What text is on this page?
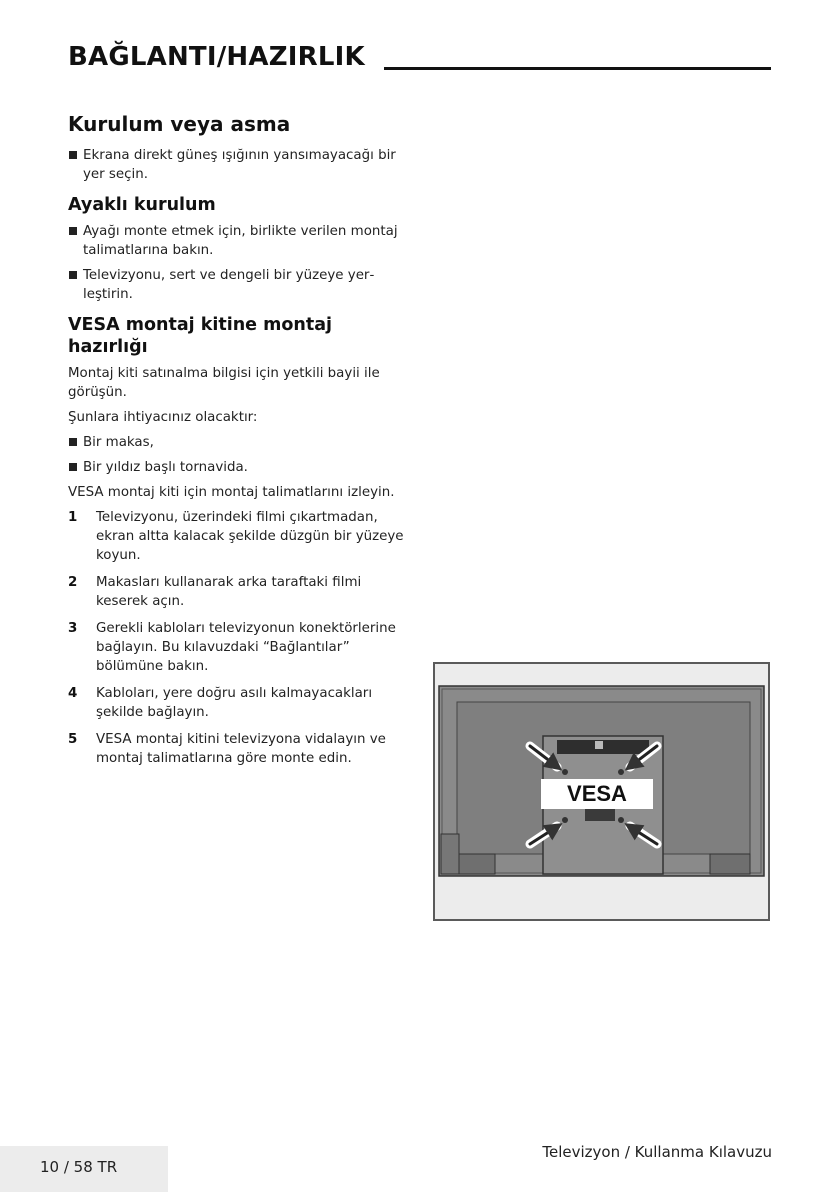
BAĞLANTI/HAZIRLIK
Kurulum veya asma
Ekrana direkt güneş ışığının yansımayacağı bir yer seçin.
Ayaklı kurulum
Ayağı monte etmek için, birlikte verilen montaj talimatlarına bakın.
Televizyonu, sert ve dengeli bir yüzeye yerleştirin.
VESA montaj kitine montaj hazırlığı
Montaj kiti satınalma bilgisi için yetkili bayii ile görüşün.
Şunlara ihtiyacınız olacaktır:
Bir makas,
Bir yıldız başlı tornavida.
VESA montaj kiti için montaj talimatlarını izleyin.
1 Televizyonu, üzerindeki filmi çıkartmadan, ekran altta kalacak şekilde düzgün bir yüzeye koyun.
2 Makasları kullanarak arka taraftaki filmi keserek açın.
3 Gerekli kabloları televizyonun konektörlerine bağlayın. Bu kılavuzdaki “Bağlantılar” bölümüne bakın.
4 Kabloları, yere doğru asılı kalmayacakları şekilde bağlayın.
5 VESA montaj kitini televizyona vidalayın ve montaj talimatlarına göre monte edin.
VESA
10 / 58 TR
Televizyon / Kullanma Kılavuzu
